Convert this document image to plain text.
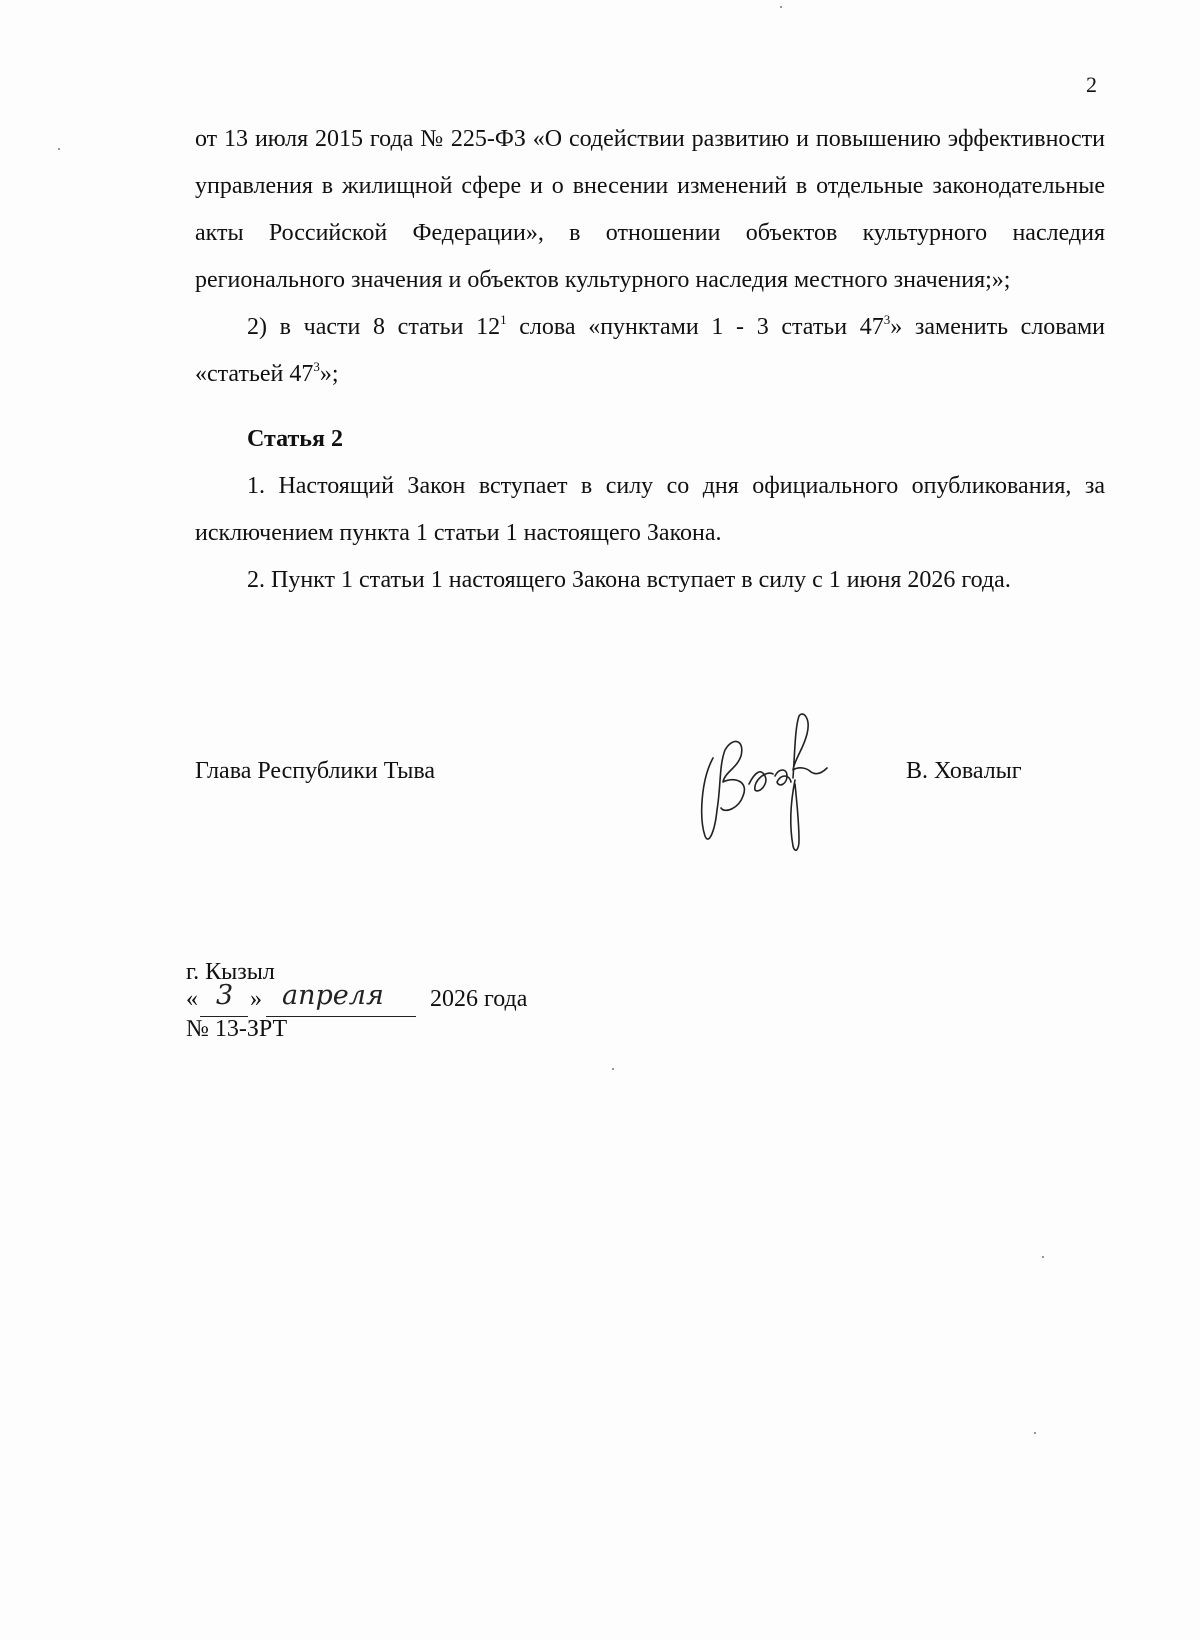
2

от 13 июля 2015 года № 225-ФЗ «О содействии развитию и повышению эффективности управления в жилищной сфере и о внесении изменений в отдельные законодательные акты Российской Федерации», в отношении объектов культурного наследия регионального значения и объектов культурного наследия местного значения;»;

2) в части 8 статьи $12^1$ слова «пунктами 1 - 3 статьи $47^3$» заменить словами «статьей $47^3$»;

Статья 2

1. Настоящий Закон вступает в силу со дня официального опубликования, за исключением пункта 1 статьи 1 настоящего Закона.

2. Пункт 1 статьи 1 настоящего Закона вступает в силу с 1 июня 2026 года.

Глава Республики Тыва	В. Ховалыг
г. Кызыл
« 3 » апреля 2026 года
№ 13-ЗРТ
